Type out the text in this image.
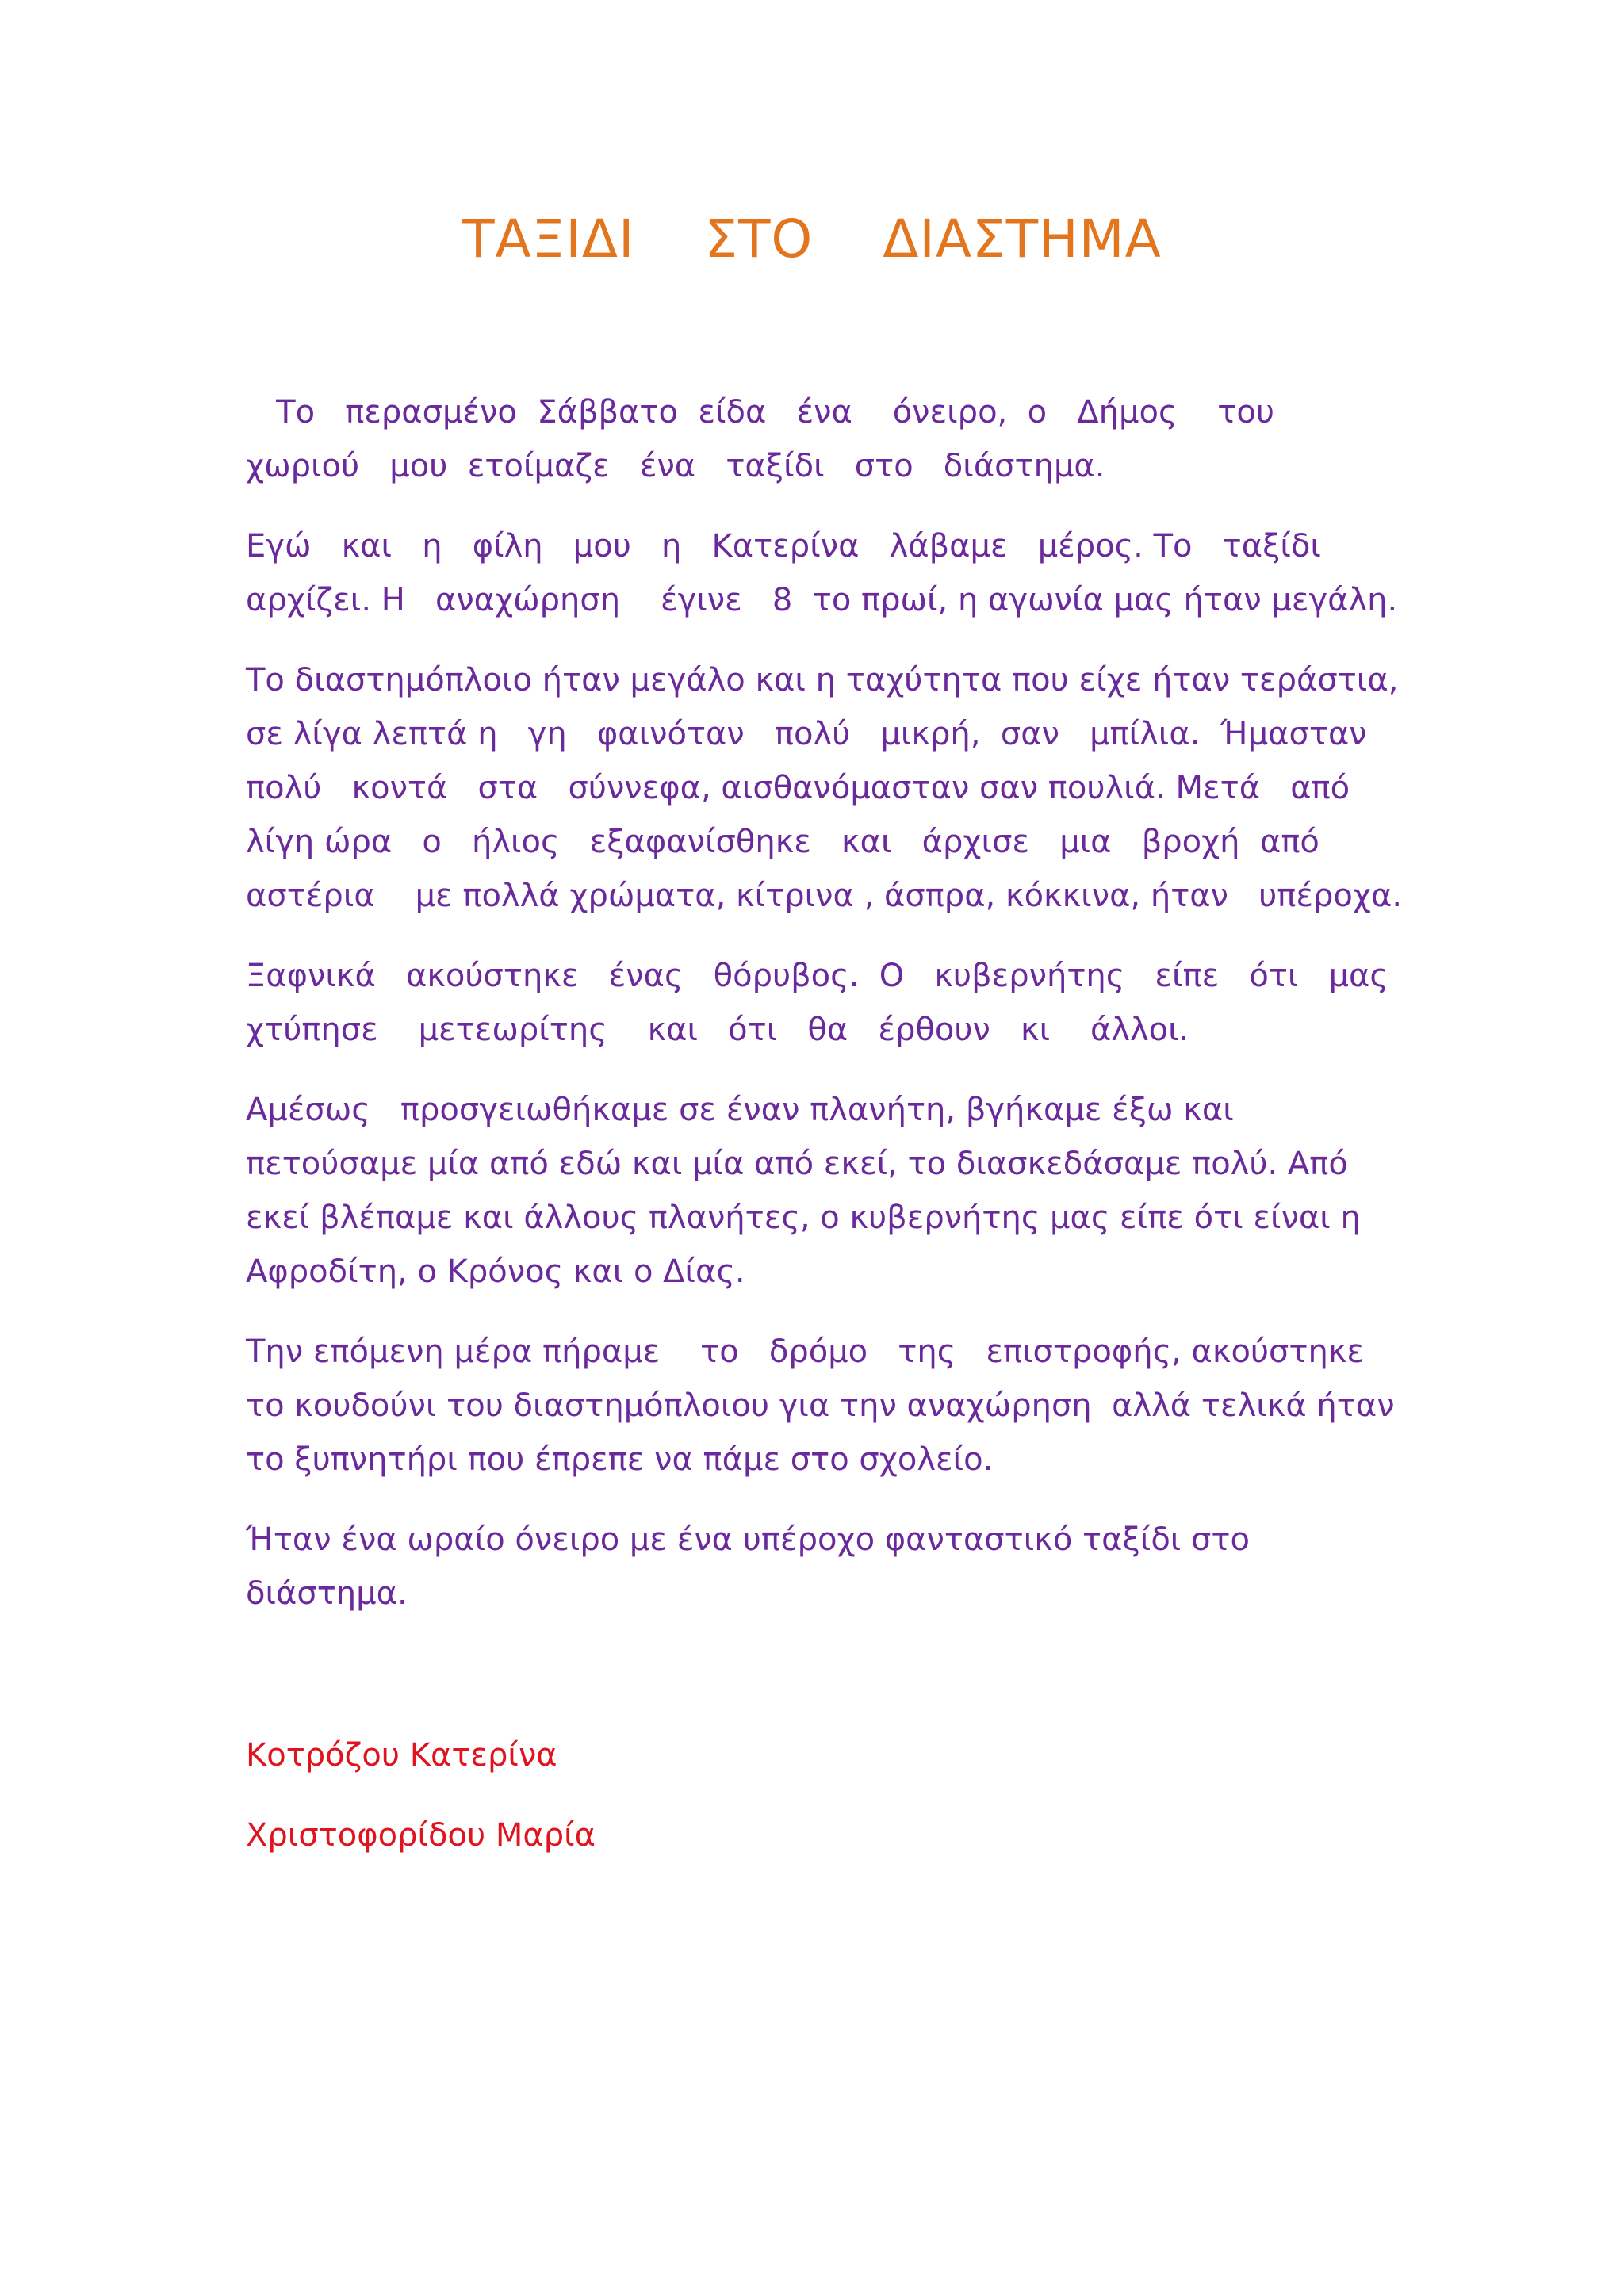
ΤΑΞΙΔΙ    ΣΤΟ    ΔΙΑΣΤΗΜΑ

Το   περασμένο  Σάββατο  είδα   ένα    όνειρο,  ο   Δήμος    του
χωριού   μου  ετοίμαζε   ένα   ταξίδι   στο   διάστημα.

Εγώ   και   η   φίλη   μου   η   Κατερίνα   λάβαμε   μέρος. Το   ταξίδι
αρχίζει. Η   αναχώρηση    έγινε   8  το πρωί, η αγωνία μας ήταν μεγάλη.

Το διαστημόπλοιο ήταν μεγάλο και η ταχύτητα που είχε ήταν τεράστια,
σε λίγα λεπτά η   γη   φαινόταν   πολύ   μικρή,  σαν   μπίλια.  Ήμασταν
πολύ   κοντά   στα   σύννεφα, αισθανόμασταν σαν πουλιά. Μετά   από
λίγη ώρα   ο   ήλιος   εξαφανίσθηκε   και   άρχισε   μια   βροχή  από
αστέρια    με πολλά χρώματα, κίτρινα , άσπρα, κόκκινα, ήταν   υπέροχα.

Ξαφνικά   ακούστηκε   ένας   θόρυβος.  Ο   κυβερνήτης   είπε   ότι   μας
χτύπησε    μετεωρίτης    και   ότι   θα   έρθουν   κι    άλλοι.

Αμέσως   προσγειωθήκαμε σε έναν πλανήτη, βγήκαμε έξω και
πετούσαμε μία από εδώ και μία από εκεί, το διασκεδάσαμε πολύ. Από
εκεί βλέπαμε και άλλους πλανήτες, ο κυβερνήτης μας είπε ότι είναι η
Αφροδίτη, ο Κρόνος και ο Δίας.

Την επόμενη μέρα πήραμε    το   δρόμο   της   επιστροφής, ακούστηκε
το κουδούνι του διαστημόπλοιου για την αναχώρηση  αλλά τελικά ήταν
το ξυπνητήρι που έπρεπε να πάμε στο σχολείο.

Ήταν ένα ωραίο όνειρο με ένα υπέροχο φανταστικό ταξίδι στο
διάστημα.

Κοτρόζου Κατερίνα
Χριστοφορίδου Μαρία
